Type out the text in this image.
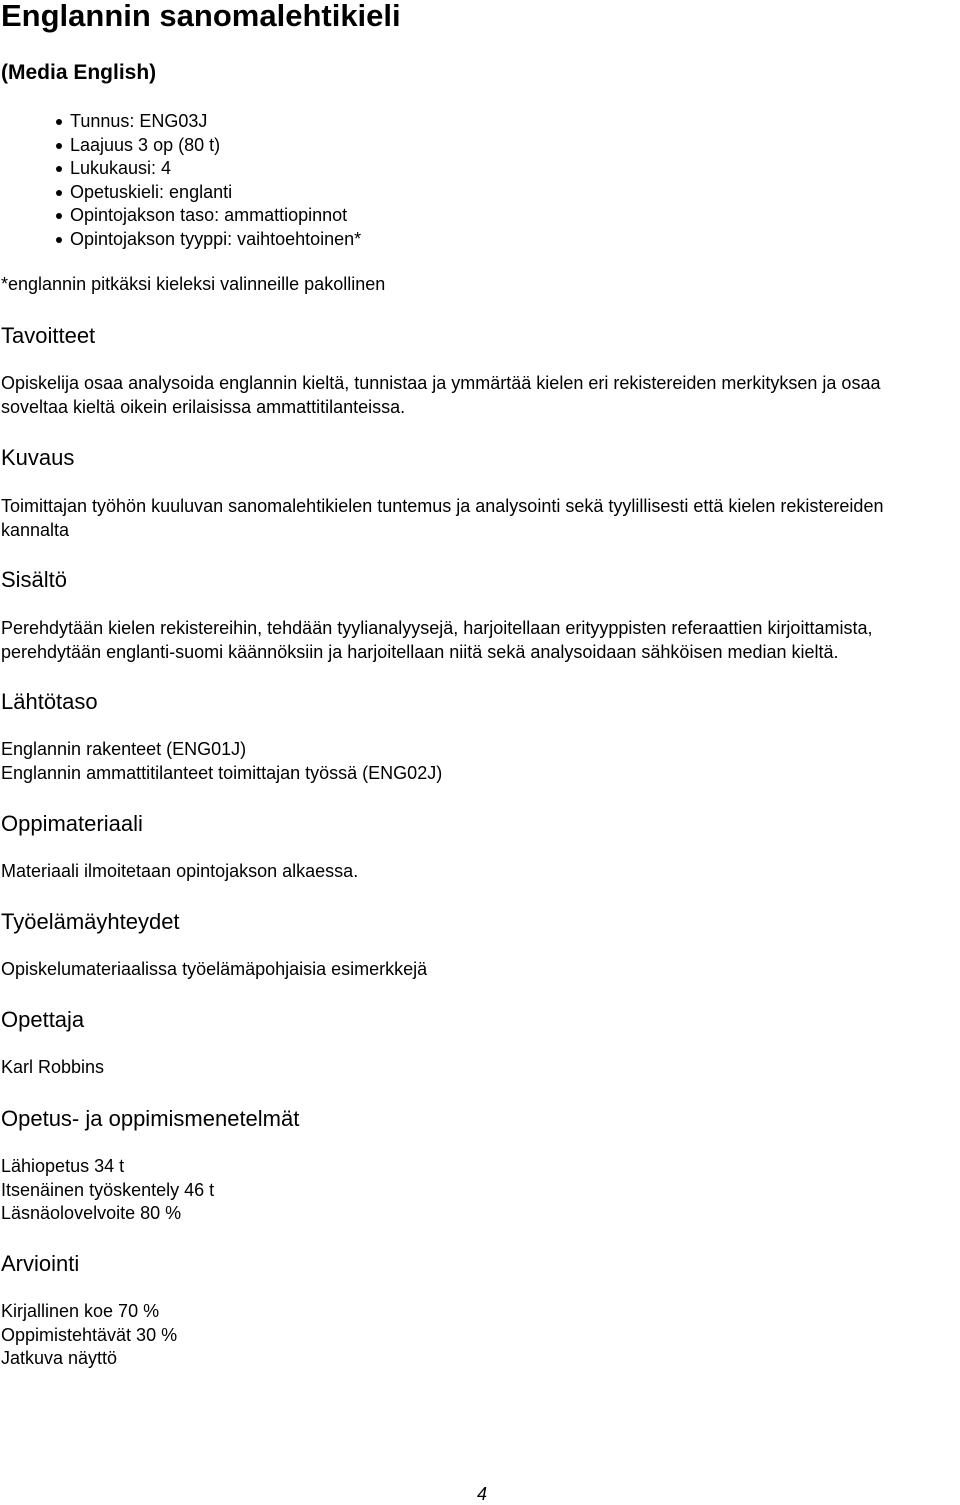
Englannin sanomalehtikieli
(Media English)
Tunnus: ENG03J
Laajuus 3 op (80 t)
Lukukausi: 4
Opetuskieli: englanti
Opintojakson taso: ammattiopinnot
Opintojakson tyyppi: vaihtoehtoinen*

*englannin pitkäksi kieleksi valinneille pakollinen

Tavoitteet
Opiskelija osaa analysoida englannin kieltä, tunnistaa ja ymmärtää kielen eri rekistereiden merkityksen ja osaa
soveltaa kieltä oikein erilaisissa ammattitilanteissa.
Kuvaus
Toimittajan työhön kuuluvan sanomalehtikielen tuntemus ja analysointi sekä tyylillisesti että kielen rekistereiden
kannalta
Sisältö
Perehdytään kielen rekistereihin, tehdään tyylianalyysejä, harjoitellaan erityyppisten referaattien kirjoittamista,
perehdytään englanti-suomi käännöksiin ja harjoitellaan niitä sekä analysoidaan sähköisen median kieltä.
Lähtötaso
Englannin rakenteet (ENG01J)
Englannin ammattitilanteet toimittajan työssä (ENG02J)
Oppimateriaali
Materiaali ilmoitetaan opintojakson alkaessa.
Työelämäyhteydet
Opiskelumateriaalissa työelämäpohjaisia esimerkkejä
Opettaja
Karl Robbins
Opetus- ja oppimismenetelmät
Lähiopetus 34 t
Itsenäinen työskentely 46 t
Läsnäolovelvoite 80 %
Arviointi
Kirjallinen koe 70 %
Oppimistehtävät 30 %
Jatkuva näyttö
4
